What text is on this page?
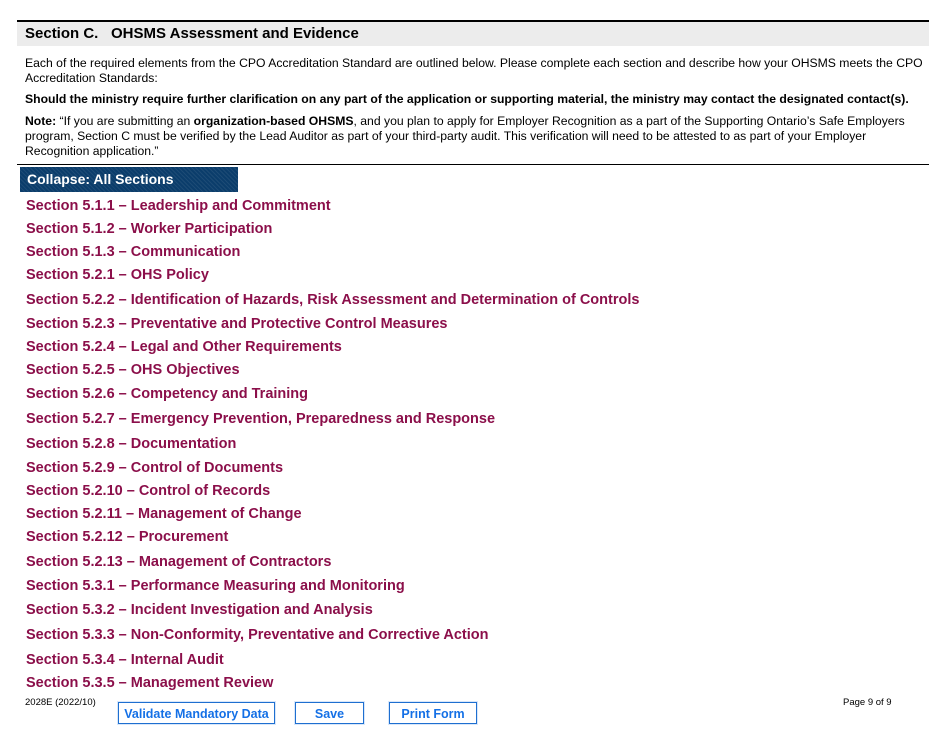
Section C. OHSMS Assessment and Evidence

Each of the required elements from the CPO Accreditation Standard are outlined below. Please complete each section and describe how your OHSMS meets the CPO Accreditation Standards:

Should the ministry require further clarification on any part of the application or supporting material, the ministry may contact the designated contact(s).
Note: “If you are submitting an organization-based OHSMS, and you plan to apply for Employer Recognition as a part of the Supporting Ontario’s Safe Employers program, Section C must be verified by the Lead Auditor as part of your third-party audit. This verification will need to be attested to as part of your Employer Recognition application.”
Collapse: All Sections
Section 5.1.1 – Leadership and Commitment
Section 5.1.2 – Worker Participation
Section 5.1.3 – Communication
Section 5.2.1 – OHS Policy
Section 5.2.2 – Identification of Hazards, Risk Assessment and Determination of Controls
Section 5.2.3 – Preventative and Protective Control Measures
Section 5.2.4 – Legal and Other Requirements
Section 5.2.5 – OHS Objectives
Section 5.2.6 – Competency and Training
Section 5.2.7 – Emergency Prevention, Preparedness and Response
Section 5.2.8 – Documentation
Section 5.2.9 – Control of Documents
Section 5.2.10 – Control of Records
Section 5.2.11 – Management of Change
Section 5.2.12 – Procurement
Section 5.2.13 – Management of Contractors
Section 5.3.1 – Performance Measuring and Monitoring
Section 5.3.2 – Incident Investigation and Analysis
Section 5.3.3 – Non-Conformity, Preventative and Corrective Action
Section 5.3.4 – Internal Audit
Section 5.3.5 – Management Review
2028E (2022/10)	Page 9 of 9
Validate Mandatory Data	Save	Print Form
